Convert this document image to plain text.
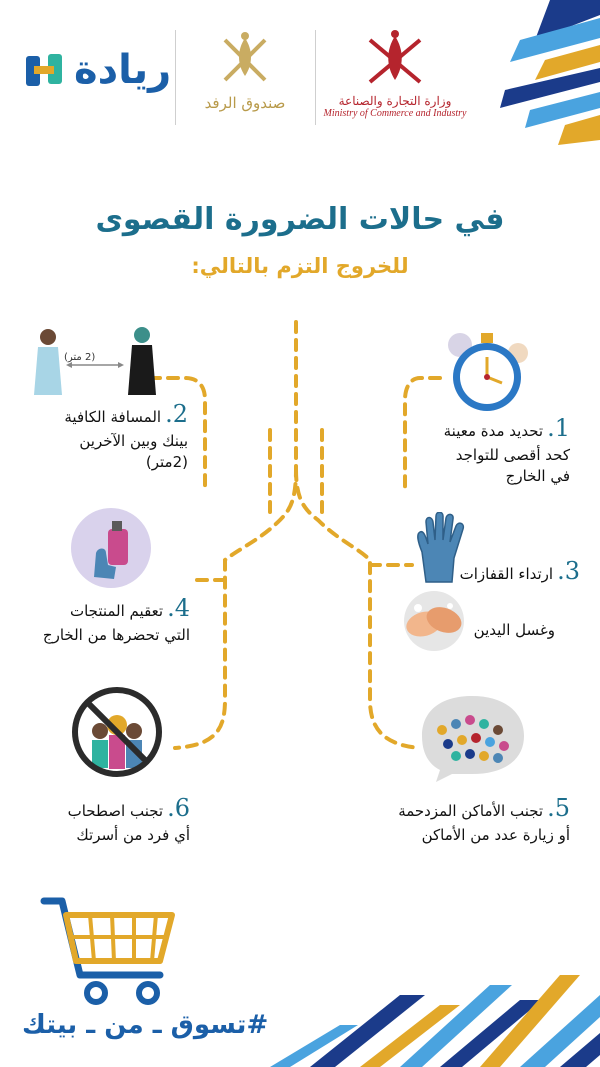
ريادة
صندوق الرفد	وزارة التجارة والصناعة
Ministry of Commerce and Industry
في حالات الضرورة القصوى
للخروج التزم بالتالي:
1.تحديد مدة معينة
كحد أقصى للتواجد
في الخارج
(2 متر)
2.المسافة الكافية
بينك وبين الآخرين
(2متر)
3.ارتداء القفازات
وغسل اليدين
4.تعقيم المنتجات
التي تحضرها من الخارج
5.تجنب الأماكن المزدحمة
أو زيارة عدد من الأماكن
6.تجنب اصطحاب
أي فرد من أسرتك
#تسوق ـ من ـ بيتك
